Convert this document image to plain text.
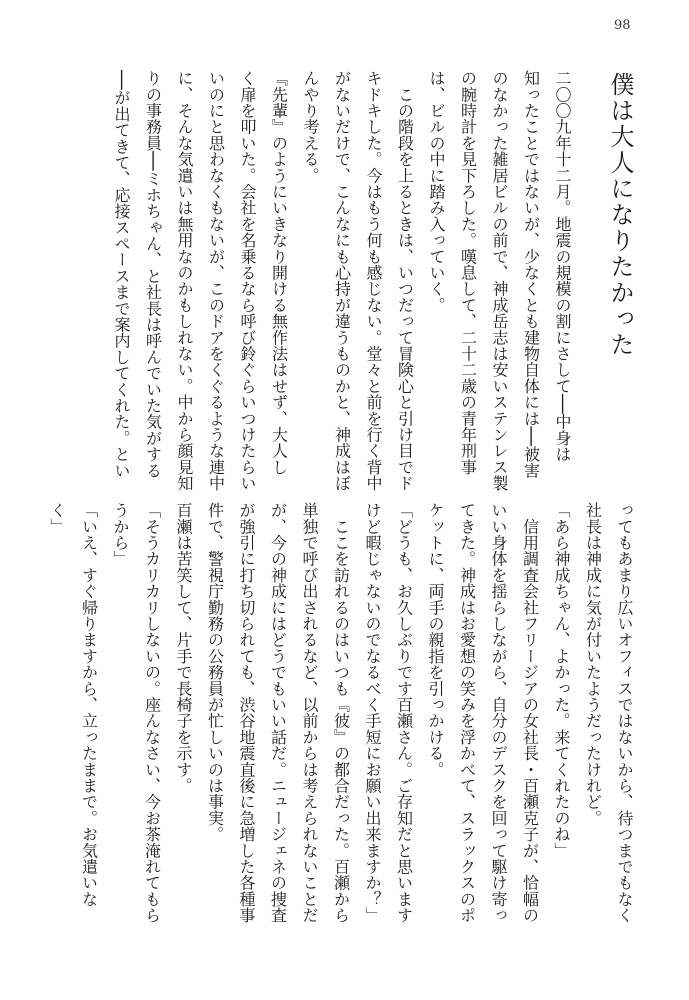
98
僕は大人になりたかった
二〇〇九年十二月。地震の規模の割にさして──中身は
知ったことではないが、少なくとも建物自体には──被害
のなかった雑居ビルの前で、神成岳志は安いステンレス製
の腕時計を見下ろした。嘆息して、二十二歳の青年刑事
は、ビルの中に踏み入っていく。
　この階段を上るときは、いつだって冒険心と引け目でド
キドキした。今はもう何も感じない。堂々と前を行く背中
がないだけで、こんなにも心持が違うものかと、神成はぼ
んやり考える。
『先輩』のようにいきなり開ける無作法はせず、大人し
く扉を叩いた。会社を名乗るなら呼び鈴ぐらいつけたらい
いのにと思わなくもないが、このドアをくぐるような連中
に、そんな気遣いは無用なのかもしれない。中から顔見知
りの事務員──ミホちゃん、と社長は呼んでいた気がする
──が出てきて、応接スペースまで案内してくれた。とい
ってもあまり広いオフィスではないから、待つまでもなく
社長は神成に気が付いたようだったけれど。
「あら神成ちゃん、よかった。来てくれたのね」
　信用調査会社フリージアの女社長・百瀬克子が、恰幅の
いい身体を揺らしながら、自分のデスクを回って駆け寄っ
てきた。神成はお愛想の笑みを浮かべて、スラックスのポ
ケットに、両手の親指を引っかける。
「どうも、お久しぶりです百瀬さん。ご存知だと思います
けど暇じゃないのでなるべく手短にお願い出来ますか？」
　ここを訪れるのはいつも『彼』の都合だった。百瀬から
単独で呼び出されるなど、以前からは考えられないことだ
が、今の神成にはどうでもいい話だ。ニュージェネの捜査
が強引に打ち切られても、渋谷地震直後に急増した各種事
件で、警視庁勤務の公務員が忙しいのは事実。
百瀬は苦笑して、片手で長椅子を示す。
「そうカリカリしないの。座んなさい、今お茶淹れてもら
うから」
「いえ、すぐ帰りますから、立ったままで。お気遣いな
く」
